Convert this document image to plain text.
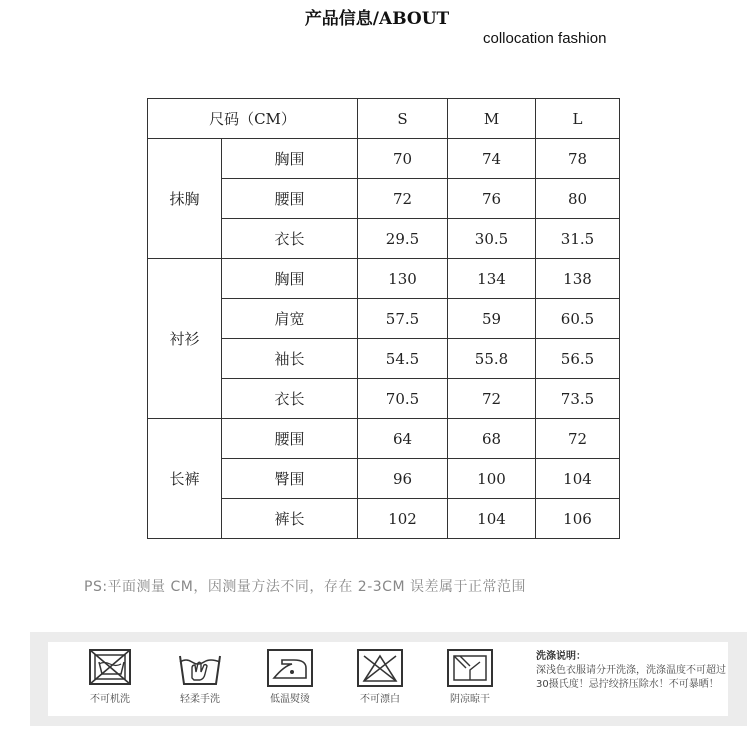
产品信息/ABOUT
collocation fashion
尺码（CM）		S	M	L
抹胸	胸围	70	74	78
	腰围	72	76	80
	衣长	29.5	30.5	31.5
衬衫	胸围	130	134	138
	肩宽	57.5	59	60.5
	袖长	54.5	55.8	56.5
	衣长	70.5	72	73.5
长裤	腰围	64	68	72
	臀围	96	100	104
	裤长	102	104	106
PS:平面测量 CM，因测量方法不同，存在 2-3CM 误差属于正常范围
不可机洗	轻柔手洗	低温熨烫	不可漂白	阴凉晾干
洗涤说明：
深浅色衣服请分开洗涤，洗涤温度不可超过30摄氏度！忌拧绞挤压除水！不可暴晒！
